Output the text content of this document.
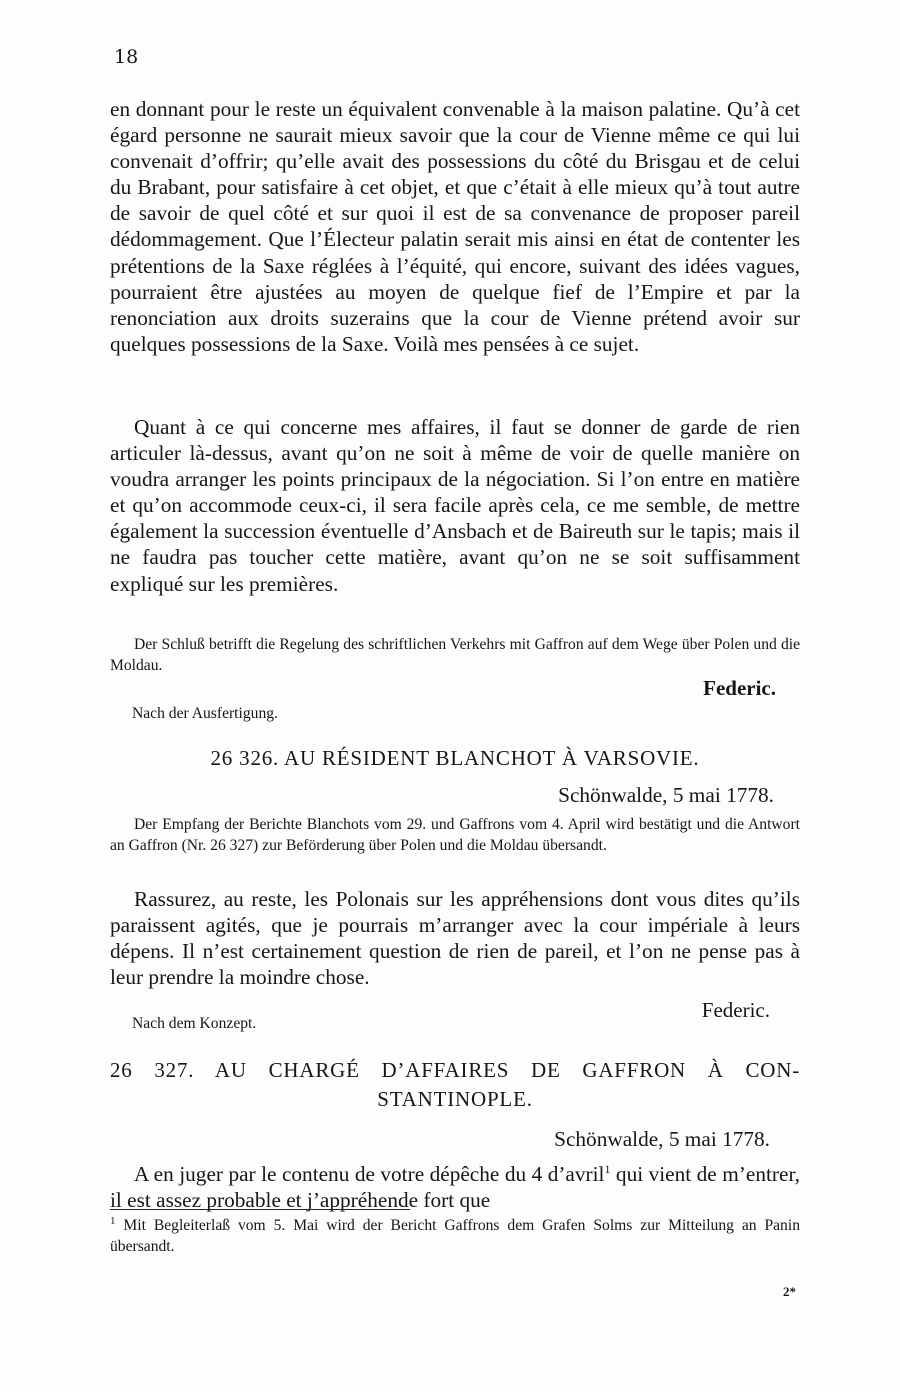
18

en donnant pour le reste un équivalent convenable à la maison palatine. Qu’à cet égard personne ne saurait mieux savoir que la cour de Vienne même ce qui lui convenait d’offrir; qu’elle avait des possessions du côté du Brisgau et de celui du Brabant, pour satisfaire à cet objet, et que c’était à elle mieux qu’à tout autre de savoir de quel côté et sur quoi il est de sa convenance de proposer pareil dédommagement. Que l’Électeur palatin serait mis ainsi en état de contenter les prétentions de la Saxe réglées à l’équité, qui encore, suivant des idées vagues, pourraient être ajustées au moyen de quelque fief de l’Empire et par la renonciation aux droits suzerains que la cour de Vienne prétend avoir sur quelques possessions de la Saxe. Voilà mes pensées à ce sujet.

Quant à ce qui concerne mes affaires, il faut se donner de garde de rien articuler là-dessus, avant qu’on ne soit à même de voir de quelle manière on voudra arranger les points principaux de la négociation. Si l’on entre en matière et qu’on accommode ceux-ci, il sera facile après cela, ce me semble, de mettre également la succession éventuelle d’Ansbach et de Baireuth sur le tapis; mais il ne faudra pas toucher cette matière, avant qu’on ne se soit suffisamment expliqué sur les premières.

Der Schluß betrifft die Regelung des schriftlichen Verkehrs mit Gaffron auf dem Wege über Polen und die Moldau.

Federic.
Nach der Ausfertigung.
26 326. AU RÉSIDENT BLANCHOT À VARSOVIE.
Schönwalde, 5 mai 1778.

Der Empfang der Berichte Blanchots vom 29. und Gaffrons vom 4. April wird bestätigt und die Antwort an Gaffron (Nr. 26 327) zur Beförderung über Polen und die Moldau übersandt.

Rassurez, au reste, les Polonais sur les appréhensions dont vous dites qu’ils paraissent agités, que je pourrais m’arranger avec la cour impériale à leurs dépens. Il n’est certainement question de rien de pareil, et l’on ne pense pas à leur prendre la moindre chose.

Federic.
Nach dem Konzept.
26 327. AU CHARGÉ D’AFFAIRES DE GAFFRON À CON-
STANTINOPLE.
Schönwalde, 5 mai 1778.

A en juger par le contenu de votre dépêche du 4 d’avril$^1$ qui vient de m’entrer, il est assez probable et j’appréhende fort que

$^1$ Mit Begleiterlaß vom 5. Mai wird der Bericht Gaffrons dem Grafen Solms zur Mitteilung an Panin übersandt.

2*
